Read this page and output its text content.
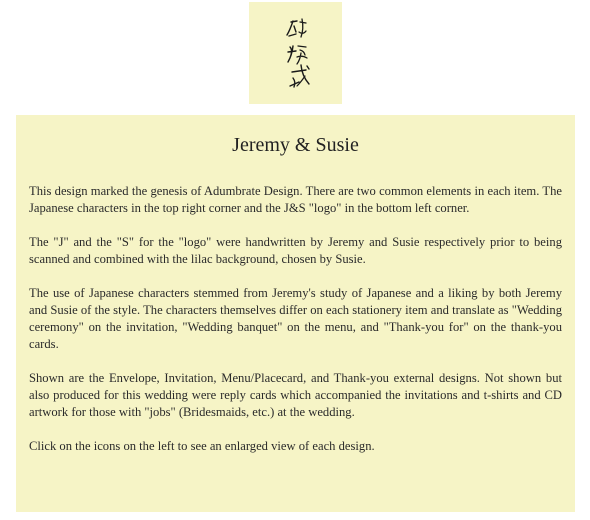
Jeremy & Susie

This design marked the genesis of Adumbrate Design. There are two common elements in each item. The Japanese characters in the top right corner and the J&S "logo" in the bottom left corner.

The "J" and the "S" for the "logo" were handwritten by Jeremy and Susie respectively prior to being scanned and combined with the lilac background, chosen by Susie.

The use of Japanese characters stemmed from Jeremy's study of Japanese and a liking by both Jeremy and Susie of the style. The characters themselves differ on each stationery item and translate as "Wedding ceremony" on the invitation, "Wedding banquet" on the menu, and "Thank-you for" on the thank-you cards.

Shown are the Envelope, Invitation, Menu/Placecard, and Thank-you external designs. Not shown but also produced for this wedding were reply cards which accompanied the invitations and t-shirts and CD artwork for those with "jobs" (Bridesmaids, etc.) at the wedding.

Click on the icons on the left to see an enlarged view of each design.
